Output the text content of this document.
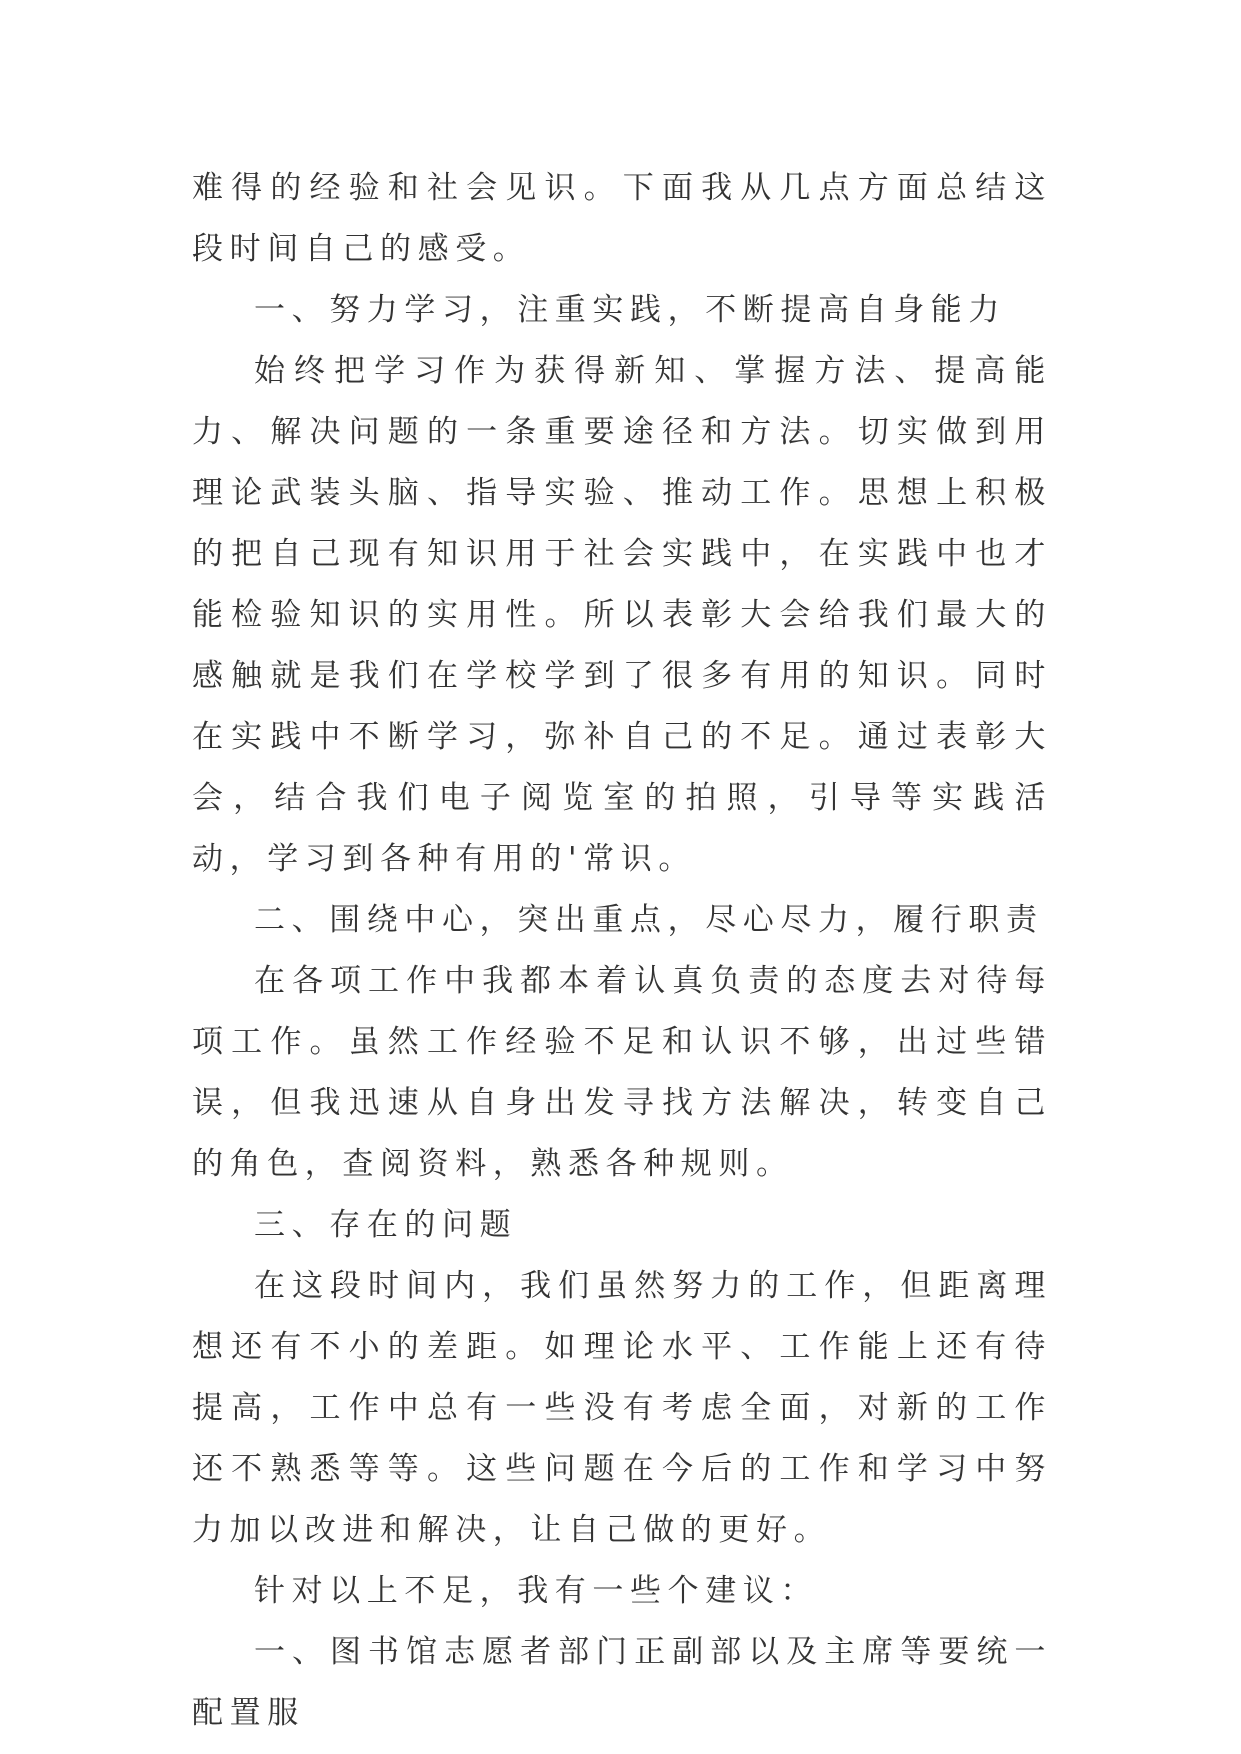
难得的经验和社会见识。下面我从几点方面总结这段时间自己的感受。

一、努力学习，注重实践，不断提高自身能力

始终把学习作为获得新知、掌握方法、提高能力、解决问题的一条重要途径和方法。切实做到用理论武装头脑、指导实验、推动工作。思想上积极的把自己现有知识用于社会实践中，在实践中也才能检验知识的实用性。所以表彰大会给我们最大的感触就是我们在学校学到了很多有用的知识。同时在实践中不断学习，弥补自己的不足。通过表彰大会，结合我们电子阅览室的拍照，引导等实践活动，学习到各种有用的'常识。

二、围绕中心，突出重点，尽心尽力，履行职责

在各项工作中我都本着认真负责的态度去对待每项工作。虽然工作经验不足和认识不够，出过些错误，但我迅速从自身出发寻找方法解决，转变自己的角色，查阅资料，熟悉各种规则。

三、存在的问题

在这段时间内，我们虽然努力的工作，但距离理想还有不小的差距。如理论水平、工作能上还有待提高，工作中总有一些没有考虑全面，对新的工作还不熟悉等等。这些问题在今后的工作和学习中努力加以改进和解决，让自己做的更好。

针对以上不足，我有一些个建议：

一、图书馆志愿者部门正副部以及主席等要统一配置服
